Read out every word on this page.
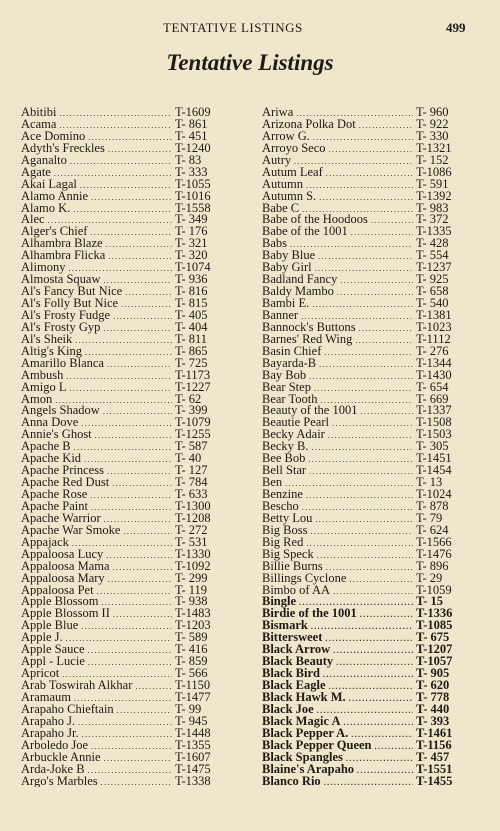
TENTATIVE LISTINGS	499
Tentative Listings
Abitibi .....	T-1609
Acama .....	T- 861
Ace Domino .....	T- 451
Adyth's Freckles .....	T-1240
Aganalto .....	T- 83
Agate .....	T- 333
Akai Lagal .....	T-1055
Alamo Annie .....	T-1016
Alamo K. .....	T-1558
Alec .....	T- 349
Alger's Chief .....	T- 176
Alhambra Blaze .....	T- 321
Alhambra Flicka .....	T- 320
Alimony .....	T-1074
Almosta Squaw .....	T- 936
Al's Fancy But Nice .....	T- 816
Al's Folly But Nice .....	T- 815
Al's Frosty Fudge .....	T- 405
Al's Frosty Gyp .....	T- 404
Al's Sheik .....	T- 811
Altig's King .....	T- 865
Amarillo Blanca .....	T- 725
Ambush .....	T-1173
Amigo L .....	T-1227
Amon .....	T- 62
Angels Shadow .....	T- 399
Anna Dove .....	T-1079
Annie's Ghost .....	T-1255
Apache B .....	T- 587
Apache Kid .....	T- 40
Apache Princess .....	T- 127
Apache Red Dust .....	T- 784
Apache Rose .....	T- 633
Apache Paint .....	T-1300
Apache Warrior .....	T-1208
Apache War Smoke .....	T- 272
Appajack .....	T- 531
Appaloosa Lucy .....	T-1330
Appaloosa Mama .....	T-1092
Appaloosa Mary .....	T- 299
Appaloosa Pet .....	T- 119
Apple Blossom .....	T- 938
Apple Blossom II .....	T-1483
Apple Blue .....	T-1203
Apple J. .....	T- 589
Apple Sauce .....	T- 416
Appl - Lucie .....	T- 859
Apricot .....	T- 566
Arab Toswirah Alkhar .....	T-1150
Aramaum .....	T-1477
Arapaho Chieftain .....	T- 99
Arapaho J. .....	T- 945
Arapaho Jr. .....	T-1448
Arboledo Joe .....	T-1355
Arbuckle Annie .....	T-1607
Arda-Joke B .....	T-1475
Argo's Marbles .....	T-1338
Ariwa .....	T- 960
Arizona Polka Dot .....	T- 922
Arrow G. .....	T- 330
Arroyo Seco .....	T-1321
Autry .....	T- 152
Autum Leaf .....	T-1086
Autumn .....	T- 591
Autumn S. .....	T-1392
Babe C .....	T- 983
Babe of the Hoodoos .....	T- 372
Babe of the 1001 .....	T-1335
Babs .....	T- 428
Baby Blue .....	T- 554
Baby Girl .....	T-1237
Badland Fancy .....	T- 925
Baldy Mambo .....	T- 658
Bambi E. .....	T- 540
Banner .....	T-1381
Bannock's Buttons .....	T-1023
Barnes' Red Wing .....	T-1112
Basin Chief .....	T- 276
Bayarda-B .....	T-1344
Bay Bob .....	T-1430
Bear Step .....	T- 654
Bear Tooth .....	T- 669
Beauty of the 1001 .....	T-1337
Beautie Pearl .....	T-1508
Becky Adair .....	T-1503
Becky B. .....	T- 305
Bee Bob .....	T-1451
Bell Star .....	T-1454
Ben .....	T- 13
Benzine .....	T-1024
Bescho .....	T- 878
Betty Lou .....	T- 79
Big Boss .....	T- 624
Big Red .....	T-1566
Big Speck .....	T-1476
Billie Burns .....	T- 896
Billings Cyclone .....	T- 29
Bimbo of AA .....	T-1059
Bingle .....	T- 15
Birdie of the 1001 .....	T-1336
Bismark .....	T-1085
Bittersweet .....	T- 675
Black Arrow .....	T-1207
Black Beauty .....	T-1057
Black Bird .....	T- 905
Black Eagle .....	T- 620
Black Hawk M. .....	T- 778
Black Joe .....	T- 440
Black Magic A .....	T- 393
Black Pepper A. .....	T-1461
Black Pepper Queen .....	T-1156
Black Spangles .....	T- 457
Blaine's Arapaho .....	T-1551
Blanco Rio .....	T-1455
